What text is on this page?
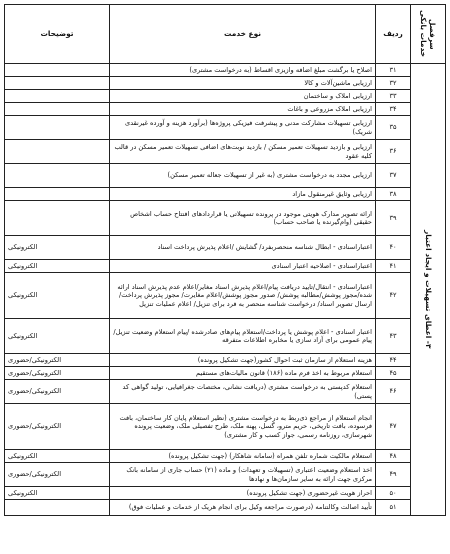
سرفصل
خدمات بانکی	ردیف	نوع خدمت	توضیحات

۳- اعطای تسهیلات و ایجاد اعتبار	۳۱	اصلاح یا برگشت مبلغ اضافه وازیزی اقساط (به درخواست مشتری)	
	۳۲	ارزیابی ماشین‌آلات و کالا	
	۳۳	ارزیابی املاک و ساختمان	
	۳۴	ارزیابی املاک مزروعی و باغات	
	۳۵	ارزیابی تسهیلات مشارکت مدنی و پیشرفت فیزیکی پروژه‌ها (برآورد هزینه و آورده غیرنقدی شریک)	
	۳۶	ارزیابی و بازدید تسهیلات تعمیر مسکن / بازدید نوبت‌های اضافی تسهیلات تعمیر مسکن در قالب کلیه عقود	
	۳۷	ارزیابی مجدد به درخواست مشتری (به غیر از تسهیلات جعاله تعمیر مسکن)	
	۳۸	ارزیابی وثایق غیرمنقول مازاد	
	۳۹	ارائه تصویر مدارک هویتی موجود در پرونده تسهیلاتی یا قراردادهای افتتاح حساب اشخاص حقیقی (وام‌گیرنده یا صاحب حساب)	
	۴۰	اعتباراسنادی - ابطال شناسه منحصربفرد/ گشایش /اعلام پذیرش پرداخت اسناد	الکترونیکی
	۴۱	اعتباراسنادی - اصلاحیه اعتبار اسنادی	الکترونیکی
	۴۲	اعتباراسنادی - انتقال/تایید دریافت پیام/اعلام پذیرش اسناد مغایر/اعلام عدم پذیرش اسناد ارائه شده/مجوز پوشش/مطالبه پوشش/ صدور مجوز پوشش/اعلام مغایرت/ مجوز پذیرش پرداخت/ ارسال تصویر اسناد/ درخواست شناسه منحصر به فرد برای تنزیل/ اعلام عملیات تنزیل	الکترونیکی
	۴۳	اعتبار اسنادی - اعلام پوشش یا پرداخت/استعلام پیام‌های صادرشده /پیام استعلام وضعیت تنزیل/پیام عمومی برای آزاد سازی یا مخابره اطلاعات متفرقه	الکترونیکی
	۴۴	هزینه استعلام از سازمان ثبت احوال کشور(جهت تشکیل پرونده)	الکترونیکی/حضوری
	۴۵	استعلام مربوط به اخذ فرم ماده (۱۸۶) قانون مالیات‌های مستقیم	الکترونیکی/حضوری
	۴۶	استعلام کدپستی به درخواست مشتری (دریافت نشانی، مختصات جغرافیایی، تولید گواهی کد پستی)	الکترونیکی/حضوری
	۴۷	انجام استعلام از مراجع ذی‌ربط به درخواست مشتری (نظیر استعلام پایان کار ساختمان، بافت فرسوده، بافت تاریخی، حریم مترو، گسل، پهنه ملک، طرح تفصیلی ملک، وضعیت پرونده شهرسازی، روزنامه رسمی، جواز کسب و کار مشتری)	الکترونیکی/حضوری
	۴۸	استعلام مالکیت شماره تلفن همراه (سامانه شاهکار) (جهت تشکیل پرونده)	الکترونیکی
	۴۹	اخذ استعلام وضعیت اعتباری (تسهیلات و تعهدات) و ماده (۲۱) حساب جاری از سامانه بانک مرکزی جهت ارائه به سایر سازمان‌ها و نهادها	الکترونیکی/حضوری
	۵۰	احراز هویت غیرحضوری (جهت تشکیل پرونده)	الکترونیکی
	۵۱	تأیید اصالت وکالتنامه (درصورت مراجعه وکیل برای انجام هریک از خدمات و عملیات فوق)	
